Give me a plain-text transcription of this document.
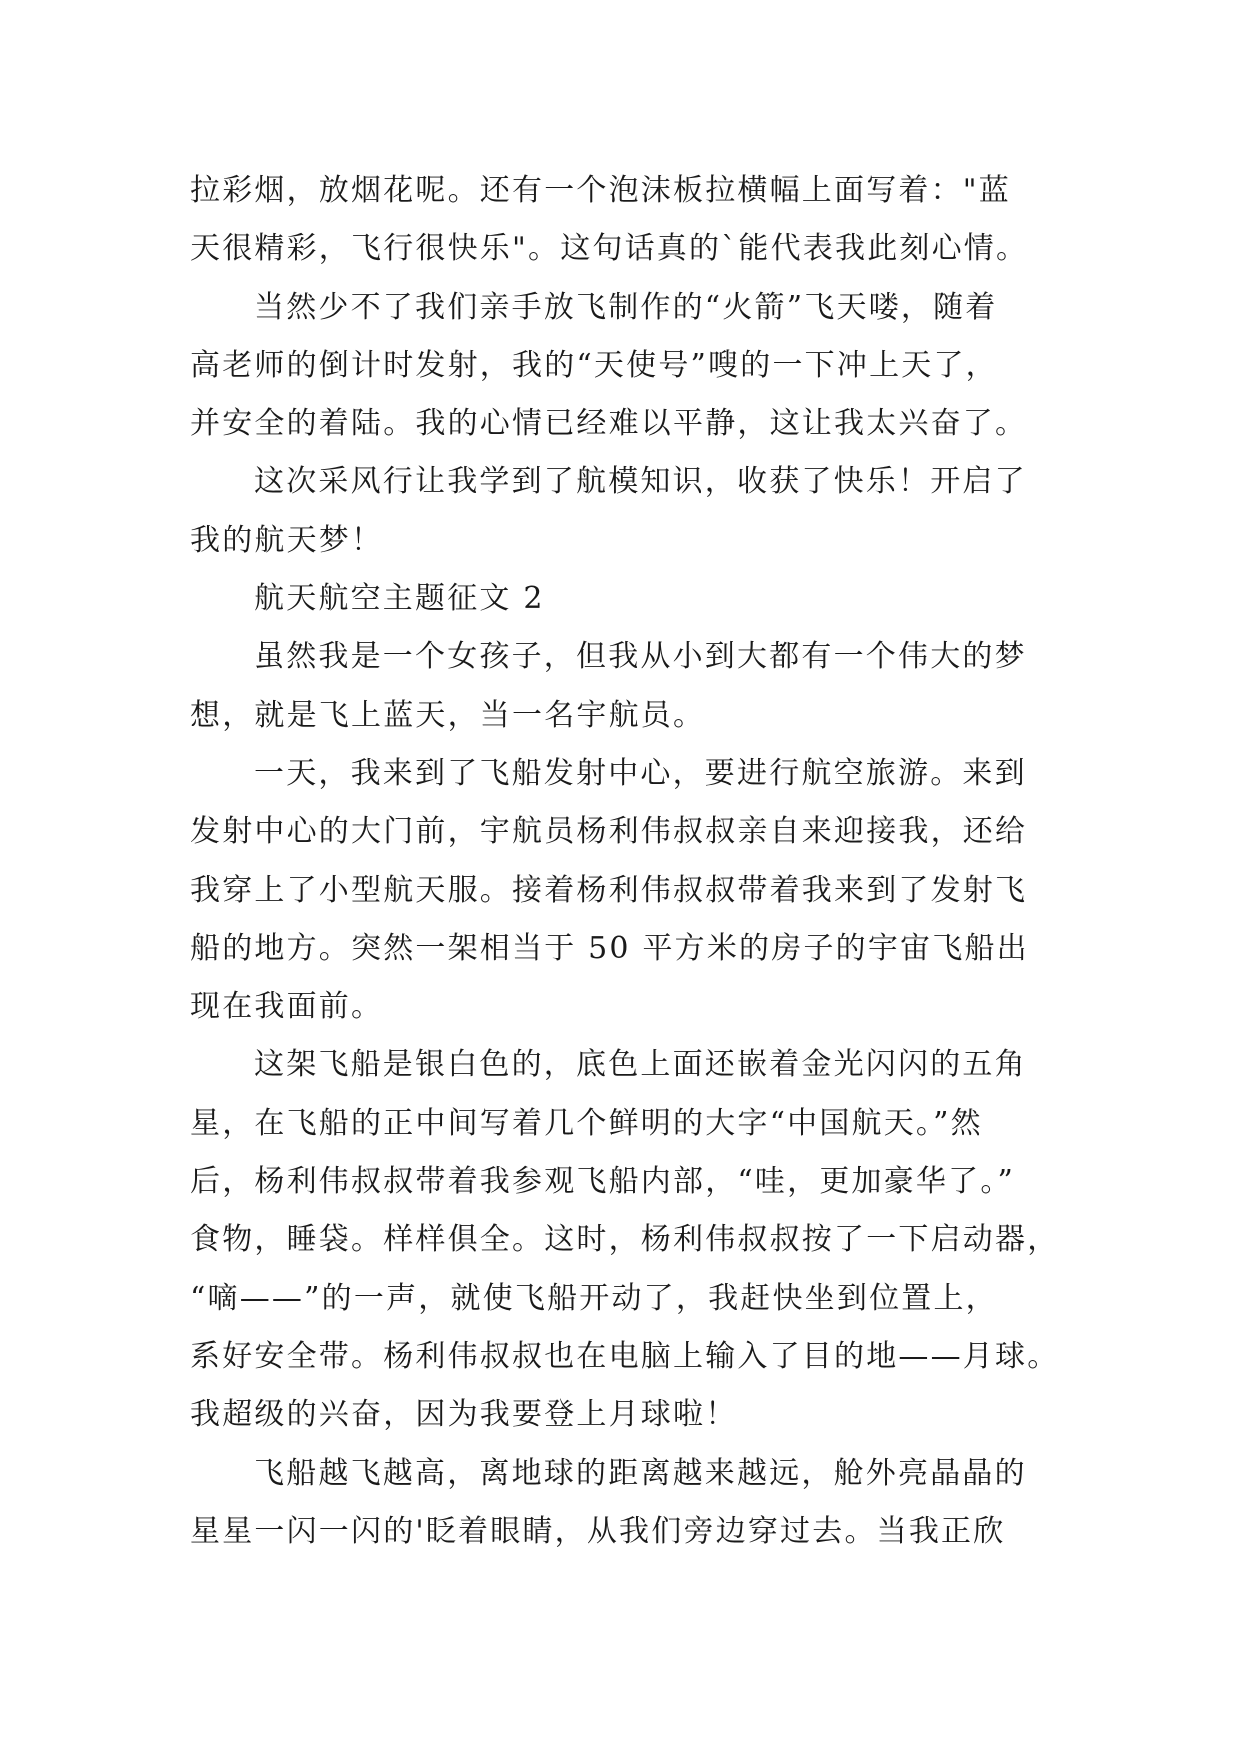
拉彩烟，放烟花呢。还有一个泡沫板拉横幅上面写着："蓝
天很精彩，飞行很快乐"。这句话真的`能代表我此刻心情。
当然少不了我们亲手放飞制作的“火箭”飞天喽，随着
高老师的倒计时发射，我的“天使号”嗖的一下冲上天了，
并安全的着陆。我的心情已经难以平静，这让我太兴奋了。
这次采风行让我学到了航模知识，收获了快乐！开启了
我的航天梦！
航天航空主题征文 2
虽然我是一个女孩子，但我从小到大都有一个伟大的梦
想，就是飞上蓝天，当一名宇航员。
一天，我来到了飞船发射中心，要进行航空旅游。来到
发射中心的大门前，宇航员杨利伟叔叔亲自来迎接我，还给
我穿上了小型航天服。接着杨利伟叔叔带着我来到了发射飞
船的地方。突然一架相当于 50 平方米的房子的宇宙飞船出
现在我面前。
这架飞船是银白色的，底色上面还嵌着金光闪闪的五角
星，在飞船的正中间写着几个鲜明的大字“中国航天。”然
后，杨利伟叔叔带着我参观飞船内部，“哇，更加豪华了。”
食物，睡袋。样样俱全。这时，杨利伟叔叔按了一下启动器，
“嘀——”的一声，就使飞船开动了，我赶快坐到位置上，
系好安全带。杨利伟叔叔也在电脑上输入了目的地——月球。
我超级的兴奋，因为我要登上月球啦！
飞船越飞越高，离地球的距离越来越远，舱外亮晶晶的
星星一闪一闪的'眨着眼睛，从我们旁边穿过去。当我正欣
